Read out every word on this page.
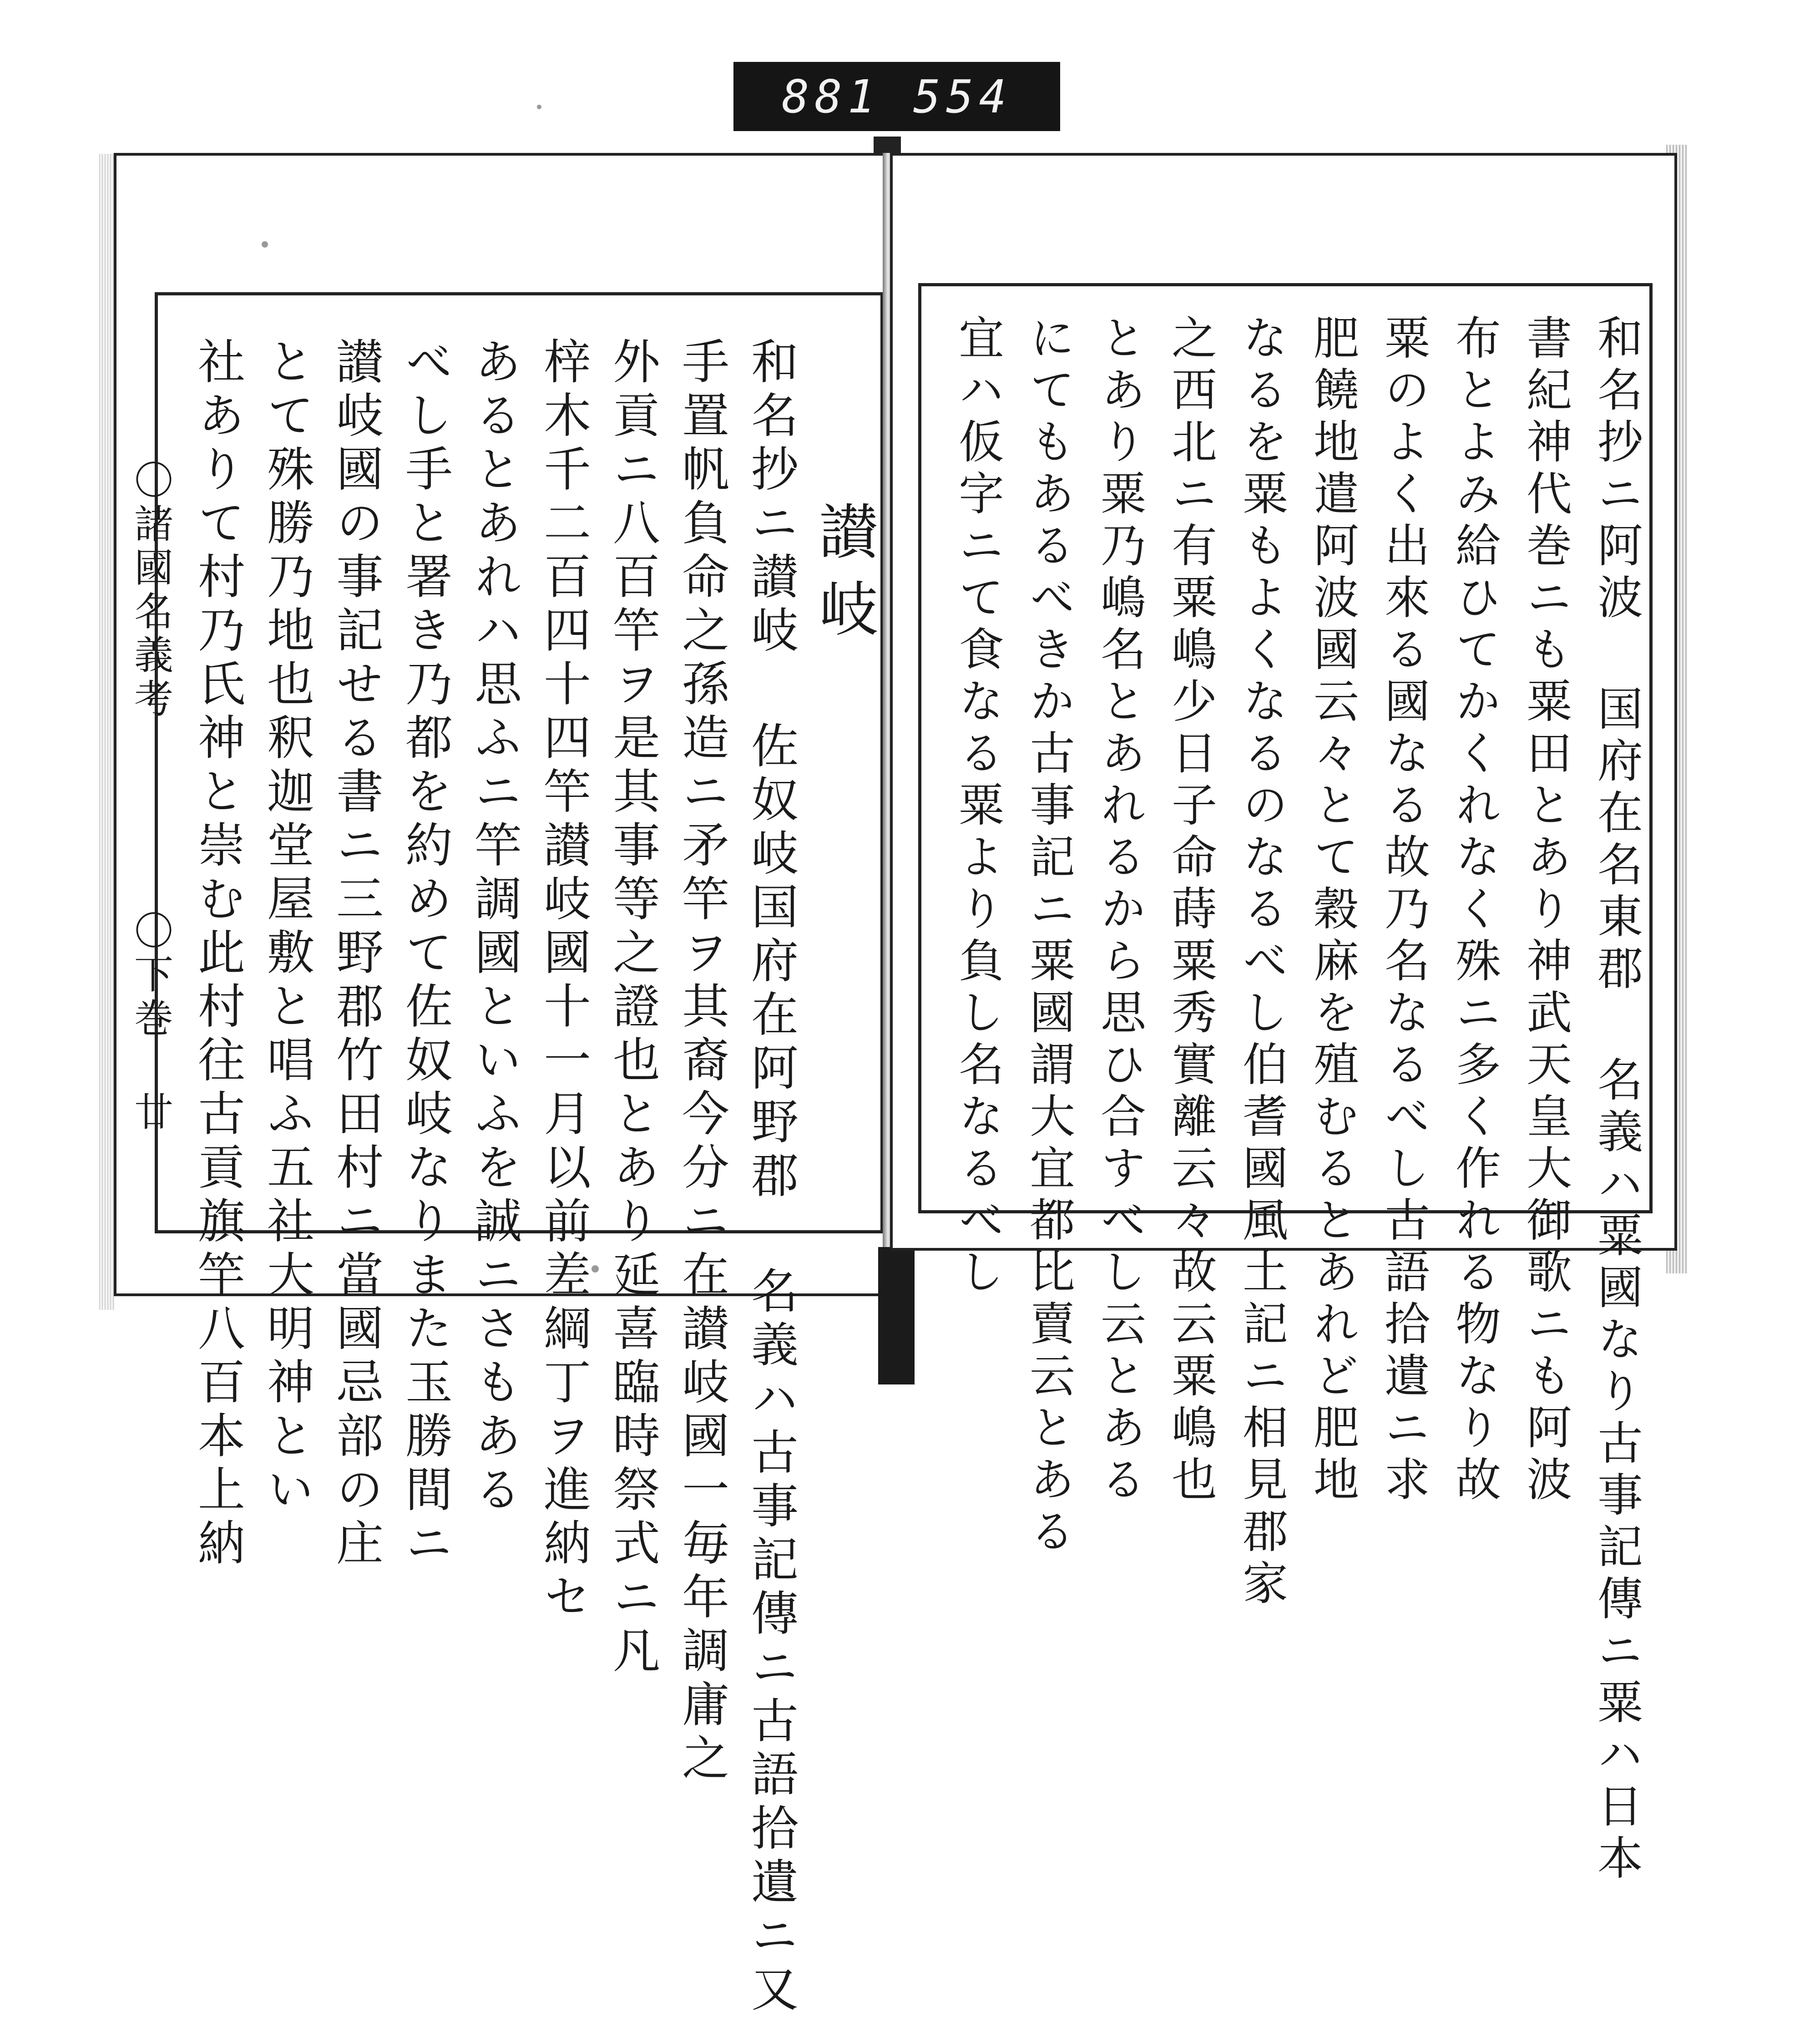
881 554
〇諸國名義考
〇下巻 廿
讃岐
和名抄ニ讃岐 佐奴岐国府在阿野郡 名義ハ古事記傳ニ古語拾遺ニ又
手置帆負命之孫造ニ矛竿ヲ其裔今分ニ在讃岐國一毎年調庸之
外貢ニ八百竿ヲ是其事等之證也とあり延喜臨時祭式ニ凡
梓木千二百四十四竿讃岐國十一月以前差綱丁ヲ進納セ
あるとあれハ思ふニ竿調國といふを誠ニさもある
べし手と署き乃都を約めて佐奴岐なりまた玉勝間ニ
讃岐國の事記せる書ニ三野郡竹田村ニ當國忌部の庄
とて殊勝乃地也釈迦堂屋敷と唱ふ五社大明神とい
社ありて村乃氏神と崇む此村往古貢旗竿八百本上納	和名抄ニ阿波 国府在名東郡 名義ハ粟國なり古事記傳ニ粟ハ日本
書紀神代巻ニも粟田とあり神武天皇大御歌ニも阿波
布とよみ給ひてかくれなく殊ニ多く作れる物なり故
粟のよく出來る國なる故乃名なるべし古語拾遺ニ求
肥饒地遣阿波國云々とて穀麻を殖むるとあれど肥地
なるを粟もよくなるのなるべし伯耆國風土記ニ相見郡家
之西北ニ有粟嶋少日子命蒔粟秀實離云々故云粟嶋也
とあり粟乃嶋名とあれるから思ひ合すべし云とある
にてもあるべきか古事記ニ粟國謂大宜都比賣云とある
宜ハ仮字ニて食なる粟より負し名なるべし
